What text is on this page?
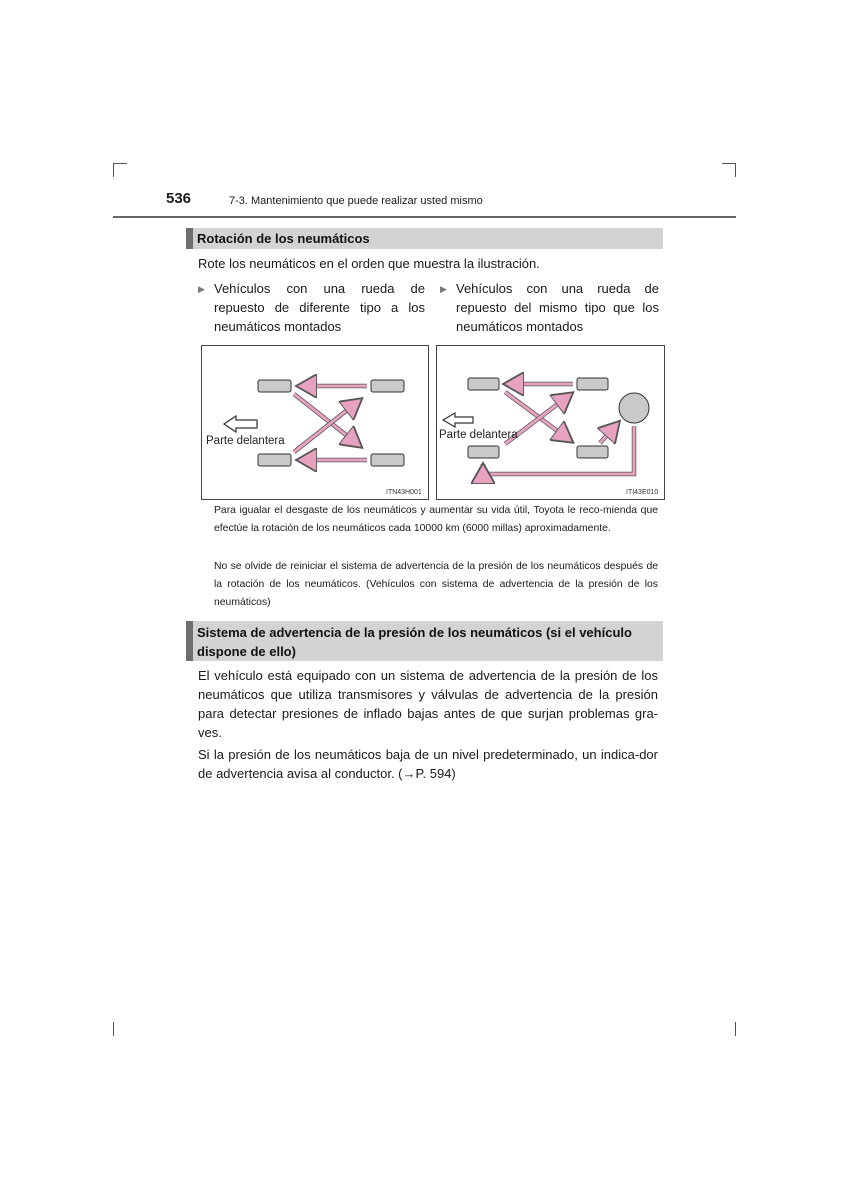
536	7-3. Mantenimiento que puede realizar usted mismo
Rotación de los neumáticos
Rote los neumáticos en el orden que muestra la ilustración.
▶ Vehículos con una rueda de repuesto de diferente tipo a los neumáticos montados
▶ Vehículos con una rueda de repuesto del mismo tipo que los neumáticos montados
Parte delantera
ITN43H001
Parte delantera
ITI43E010
Para igualar el desgaste de los neumáticos y aumentar su vida útil, Toyota le reco-mienda que efectúe la rotación de los neumáticos cada 10000 km (6000 millas) aproximadamente.
No se olvide de reiniciar el sistema de advertencia de la presión de los neumáticos después de la rotación de los neumáticos. (Vehículos con sistema de advertencia de la presión de los neumáticos)
Sistema de advertencia de la presión de los neumáticos (si el vehículo
dispone de ello)
El vehículo está equipado con un sistema de advertencia de la presión de los neumáticos que utiliza transmisores y válvulas de advertencia de la presión para detectar presiones de inflado bajas antes de que surjan problemas gra-ves.
Si la presión de los neumáticos baja de un nivel predeterminado, un indica-dor de advertencia avisa al conductor. (→P. 594)
